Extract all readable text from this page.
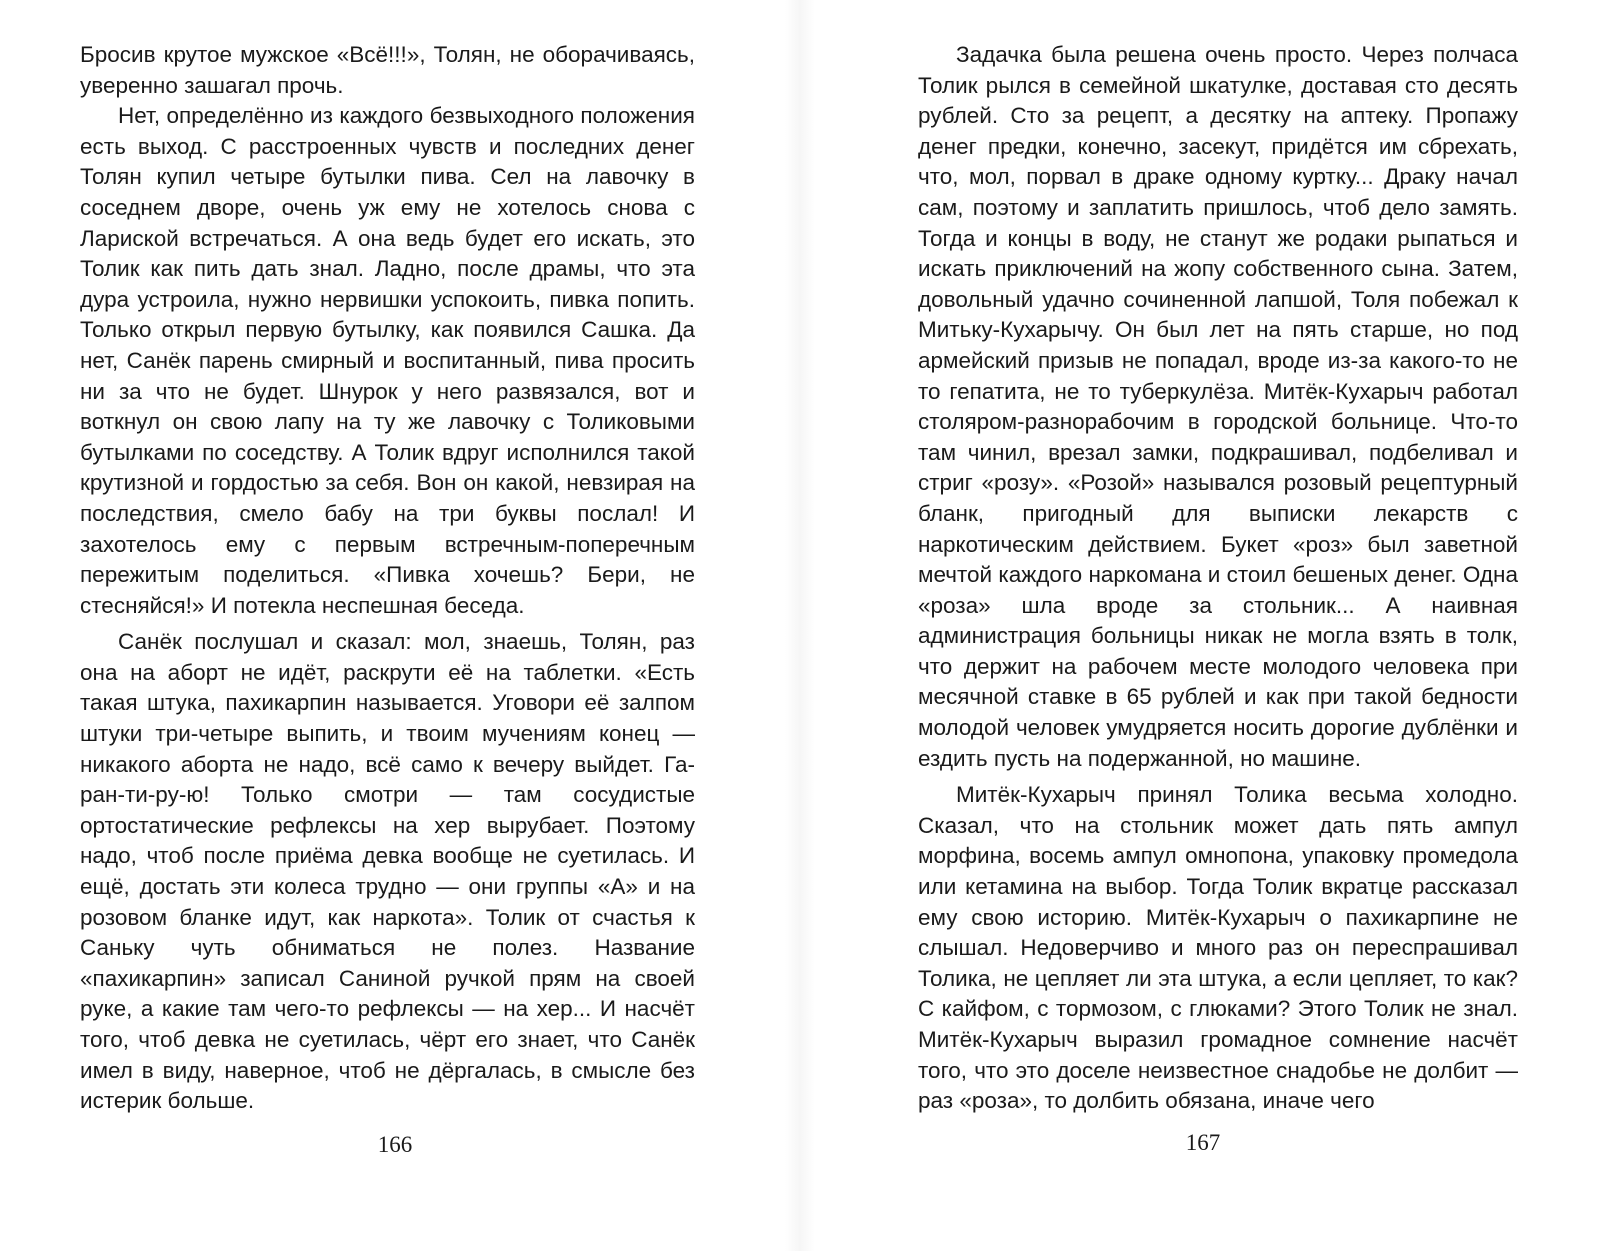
Бросив крутое мужское «Всё!!!», Толян, не оборачиваясь, уверенно зашагал прочь.

Нет, определённо из каждого безвыходного положения есть выход. С расстроенных чувств и последних денег Толян купил четыре бутылки пива. Сел на лавочку в соседнем дворе, очень уж ему не хотелось снова с Лариской встречаться. А она ведь будет его искать, это Толик как пить дать знал. Ладно, после драмы, что эта дура устроила, нужно нервишки успокоить, пивка попить. Только открыл первую бутылку, как появился Сашка. Да нет, Санёк парень смирный и воспитанный, пива просить ни за что не будет. Шнурок у него развязался, вот и воткнул он свою лапу на ту же лавочку с Толиковыми бутылками по соседству. А Толик вдруг исполнился такой крутизной и гордостью за себя. Вон он какой, невзирая на последствия, смело бабу на три буквы послал! И захотелось ему с первым встречным-поперечным пережитым поделиться. «Пивка хочешь? Бери, не стесняйся!» И потекла неспешная беседа.

Санёк послушал и сказал: мол, знаешь, Толян, раз она на аборт не идёт, раскрути её на таблетки. «Есть такая штука, пахикарпин называется. Уговори её залпом штуки три-четыре выпить, и твоим мучениям конец — никакого аборта не надо, всё само к вечеру выйдет. Га-ран-ти-ру-ю! Только смотри — там сосудистые ортостатические рефлексы на хер вырубает. Поэтому надо, чтоб после приёма девка вообще не суетилась. И ещё, достать эти колеса трудно — они группы «А» и на розовом бланке идут, как наркота». Толик от счастья к Саньку чуть обниматься не полез. Название «пахикарпин» записал Саниной ручкой прям на своей руке, а какие там чего-то рефлексы — на хер... И насчёт того, чтоб девка не суетилась, чёрт его знает, что Санёк имел в виду, наверное, чтоб не дёргалась, в смысле без истерик больше.

166

Задачка была решена очень просто. Через полчаса Толик рылся в семейной шкатулке, доставая сто десять рублей. Сто за рецепт, а десятку на аптеку. Пропажу денег предки, конечно, засекут, придётся им сбрехать, что, мол, порвал в драке одному куртку... Драку начал сам, поэтому и заплатить пришлось, чтоб дело замять. Тогда и концы в воду, не станут же родаки рыпаться и искать приключений на жопу собственного сына. Затем, довольный удачно сочиненной лапшой, Толя побежал к Митьку-Кухарычу. Он был лет на пять старше, но под армейский призыв не попадал, вроде из-за какого-то не то гепатита, не то туберкулёза. Митёк-Кухарыч работал столяром-разнорабочим в городской больнице. Что-то там чинил, врезал замки, подкрашивал, подбеливал и стриг «розу». «Розой» назывался розовый рецептурный бланк, пригодный для выписки лекарств с наркотическим действием. Букет «роз» был заветной мечтой каждого наркомана и стоил бешеных денег. Одна «роза» шла вроде за стольник... А наивная администрация больницы никак не могла взять в толк, что держит на рабочем месте молодого человека при месячной ставке в 65 рублей и как при такой бедности молодой человек умудряется носить дорогие дублёнки и ездить пусть на подержанной, но машине.

Митёк-Кухарыч принял Толика весьма холодно. Сказал, что на стольник может дать пять ампул морфина, восемь ампул омнопона, упаковку промедола или кетамина на выбор. Тогда Толик вкратце рассказал ему свою историю. Митёк-Кухарыч о пахикарпине не слышал. Недоверчиво и много раз он переспрашивал Толика, не цепляет ли эта штука, а если цепляет, то как? С кайфом, с тормозом, с глюками? Этого Толик не знал. Митёк-Кухарыч выразил громадное сомнение насчёт того, что это доселе неизвестное снадобье не долбит — раз «роза», то долбить обязана, иначе чего

167
